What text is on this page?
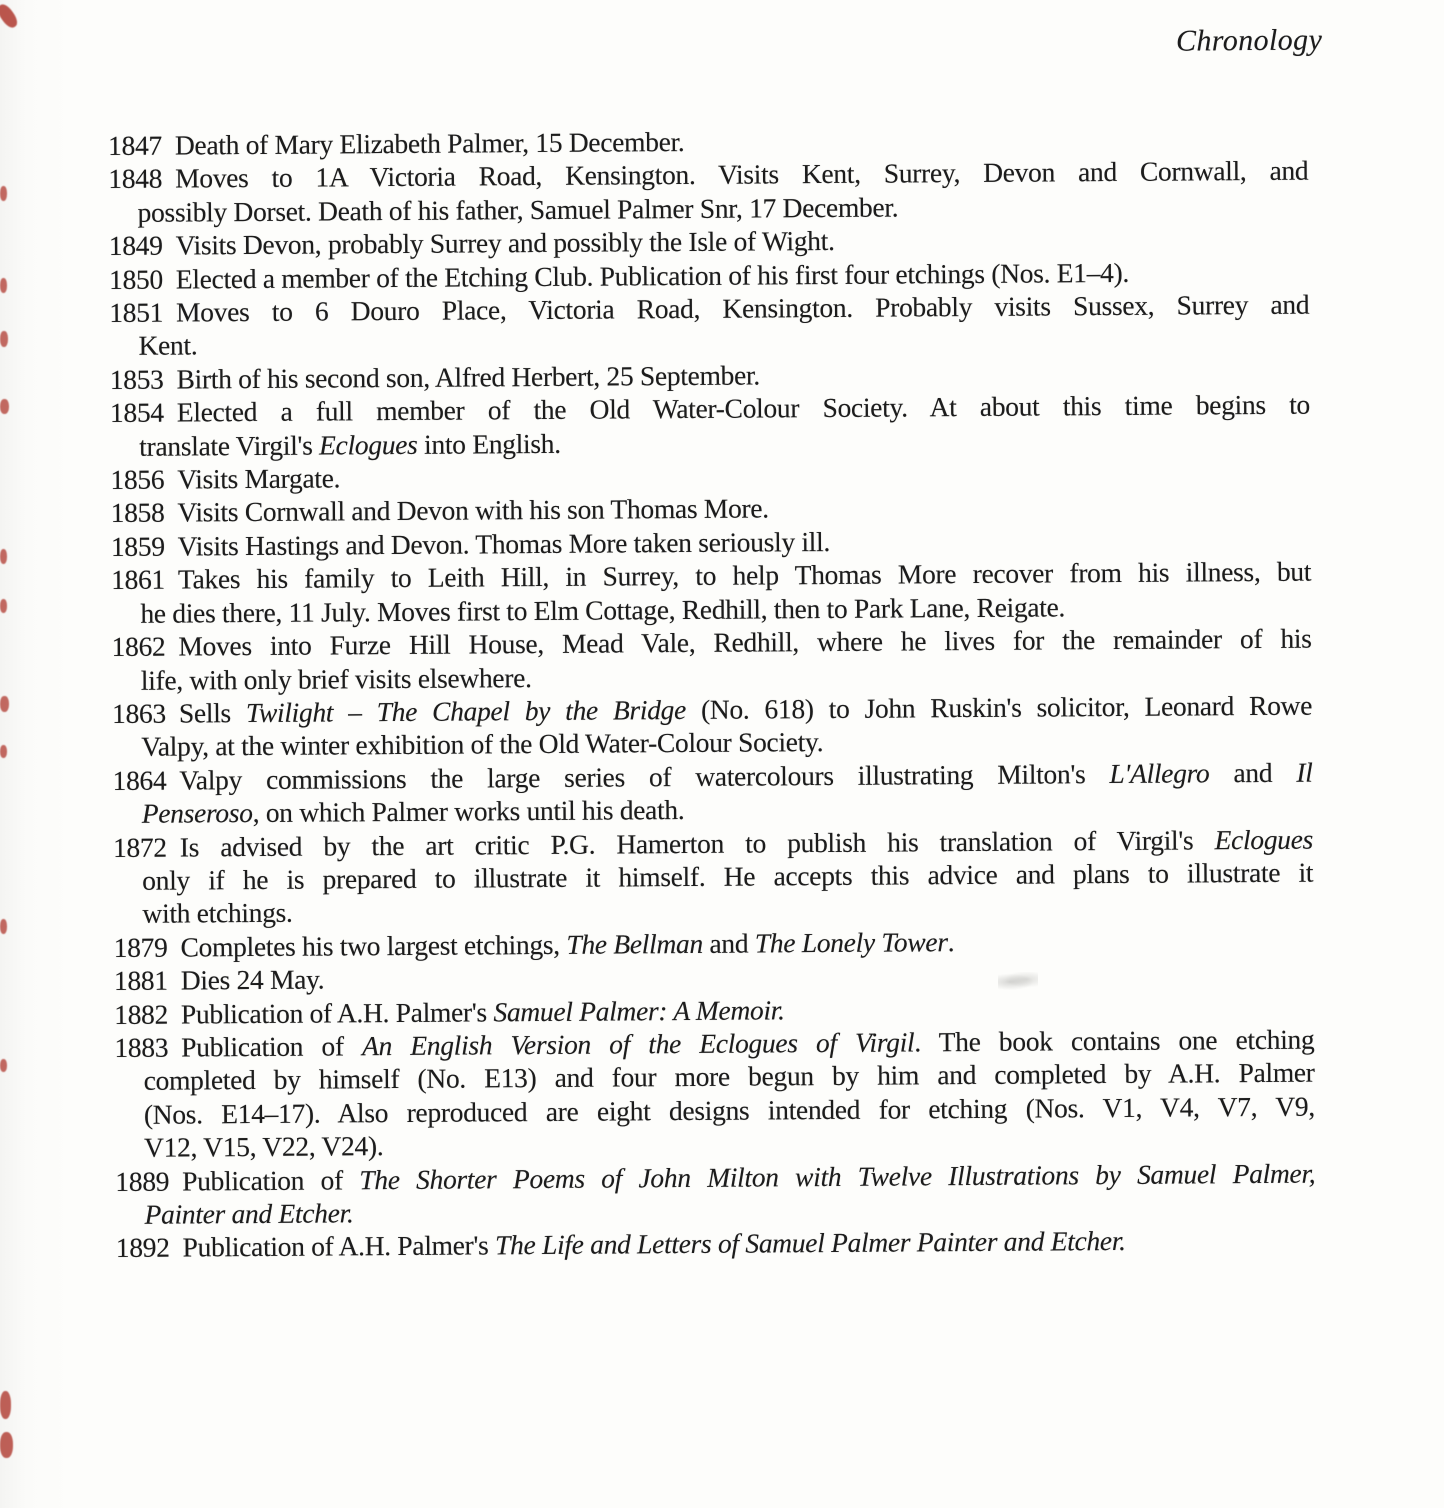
Chronology
1847 Death of Mary Elizabeth Palmer, 15 December.
1848 Moves to 1A Victoria Road, Kensington. Visits Kent, Surrey, Devon and Cornwall, and
possibly Dorset. Death of his father, Samuel Palmer Snr, 17 December.
1849 Visits Devon, probably Surrey and possibly the Isle of Wight.
1850 Elected a member of the Etching Club. Publication of his first four etchings (Nos. E1–4).
1851 Moves to 6 Douro Place, Victoria Road, Kensington. Probably visits Sussex, Surrey and
Kent.
1853 Birth of his second son, Alfred Herbert, 25 September.
1854 Elected a full member of the Old Water-Colour Society. At about this time begins to
translate Virgil's Eclogues into English.
1856 Visits Margate.
1858 Visits Cornwall and Devon with his son Thomas More.
1859 Visits Hastings and Devon. Thomas More taken seriously ill.
1861 Takes his family to Leith Hill, in Surrey, to help Thomas More recover from his illness, but
he dies there, 11 July. Moves first to Elm Cottage, Redhill, then to Park Lane, Reigate.
1862 Moves into Furze Hill House, Mead Vale, Redhill, where he lives for the remainder of his
life, with only brief visits elsewhere.
1863 Sells Twilight – The Chapel by the Bridge (No. 618) to John Ruskin's solicitor, Leonard Rowe
Valpy, at the winter exhibition of the Old Water-Colour Society.
1864 Valpy commissions the large series of watercolours illustrating Milton's L'Allegro and Il
Penseroso, on which Palmer works until his death.
1872 Is advised by the art critic P.G. Hamerton to publish his translation of Virgil's Eclogues
only if he is prepared to illustrate it himself. He accepts this advice and plans to illustrate it
with etchings.
1879 Completes his two largest etchings, The Bellman and The Lonely Tower.
1881 Dies 24 May.
1882 Publication of A.H. Palmer's Samuel Palmer: A Memoir.
1883 Publication of An English Version of the Eclogues of Virgil. The book contains one etching
completed by himself (No. E13) and four more begun by him and completed by A.H. Palmer
(Nos. E14–17). Also reproduced are eight designs intended for etching (Nos. V1, V4, V7, V9,
V12, V15, V22, V24).
1889 Publication of The Shorter Poems of John Milton with Twelve Illustrations by Samuel Palmer,
Painter and Etcher.
1892 Publication of A.H. Palmer's The Life and Letters of Samuel Palmer Painter and Etcher.
